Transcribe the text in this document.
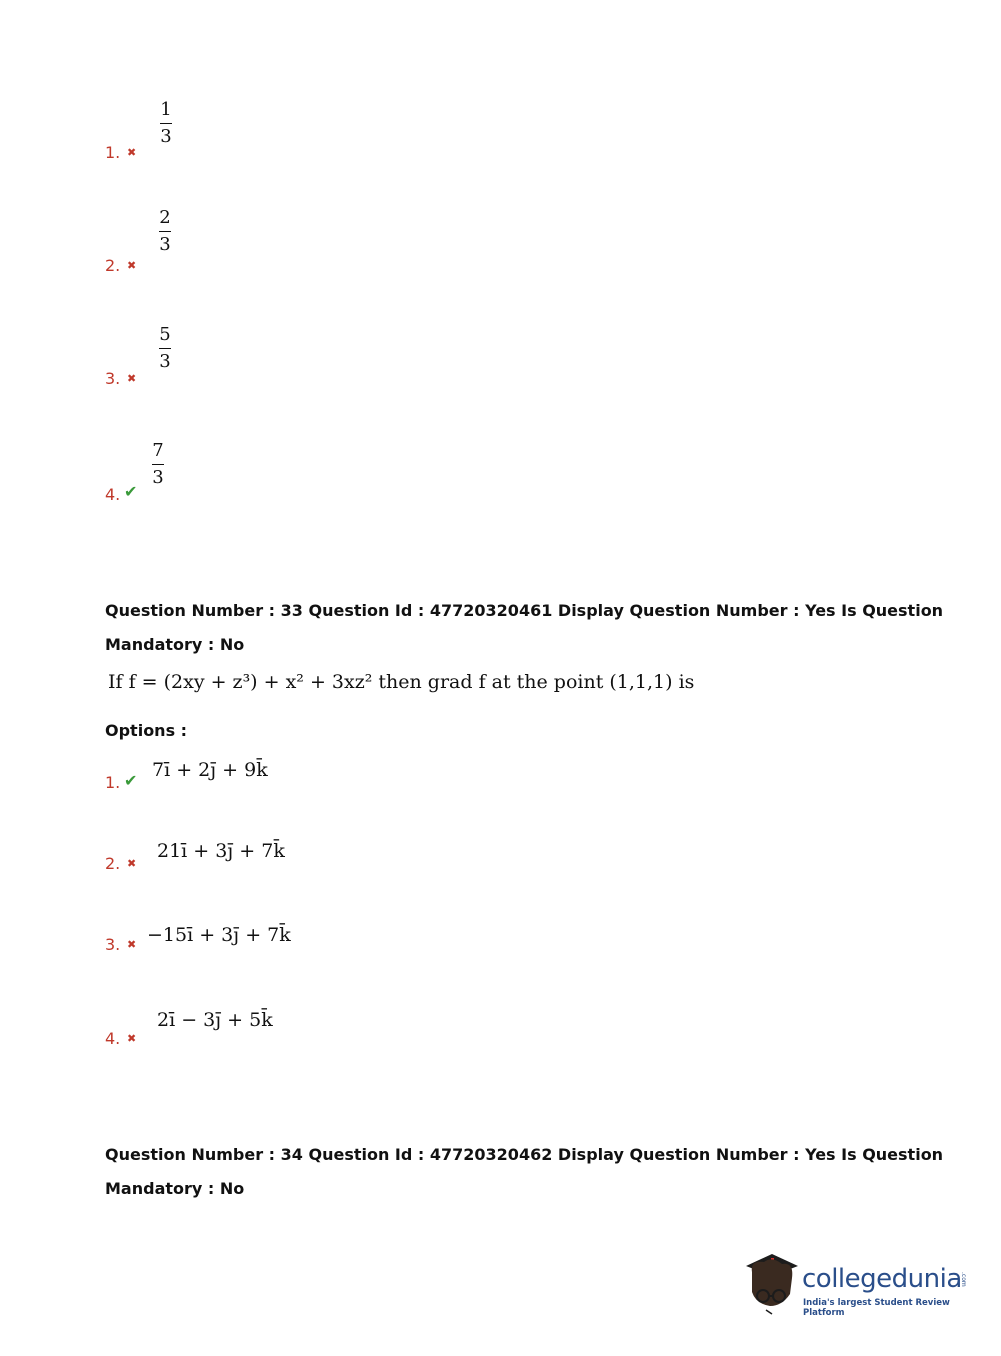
1. ✖
1
3
2. ✖
2
3
3. ✖
5
3
4. ✔
7
3
Question Number : 33 Question Id : 47720320461 Display Question Number : Yes Is Question
Mandatory : No
If f = (2xy + z³) + x² + 3xz² then grad f at the point (1,1,1) is
Options :
1. ✔ 7ī + 2j̄ + 9k̄
2. ✖
21ī + 3j̄ + 7k̄
3. ✖ −15ī + 3j̄ + 7k̄
4. ✖
2ī − 3j̄ + 5k̄
Question Number : 34 Question Id : 47720320462 Display Question Number : Yes Is Question
Mandatory : No
collegedunia
.com
India's largest Student Review Platform
